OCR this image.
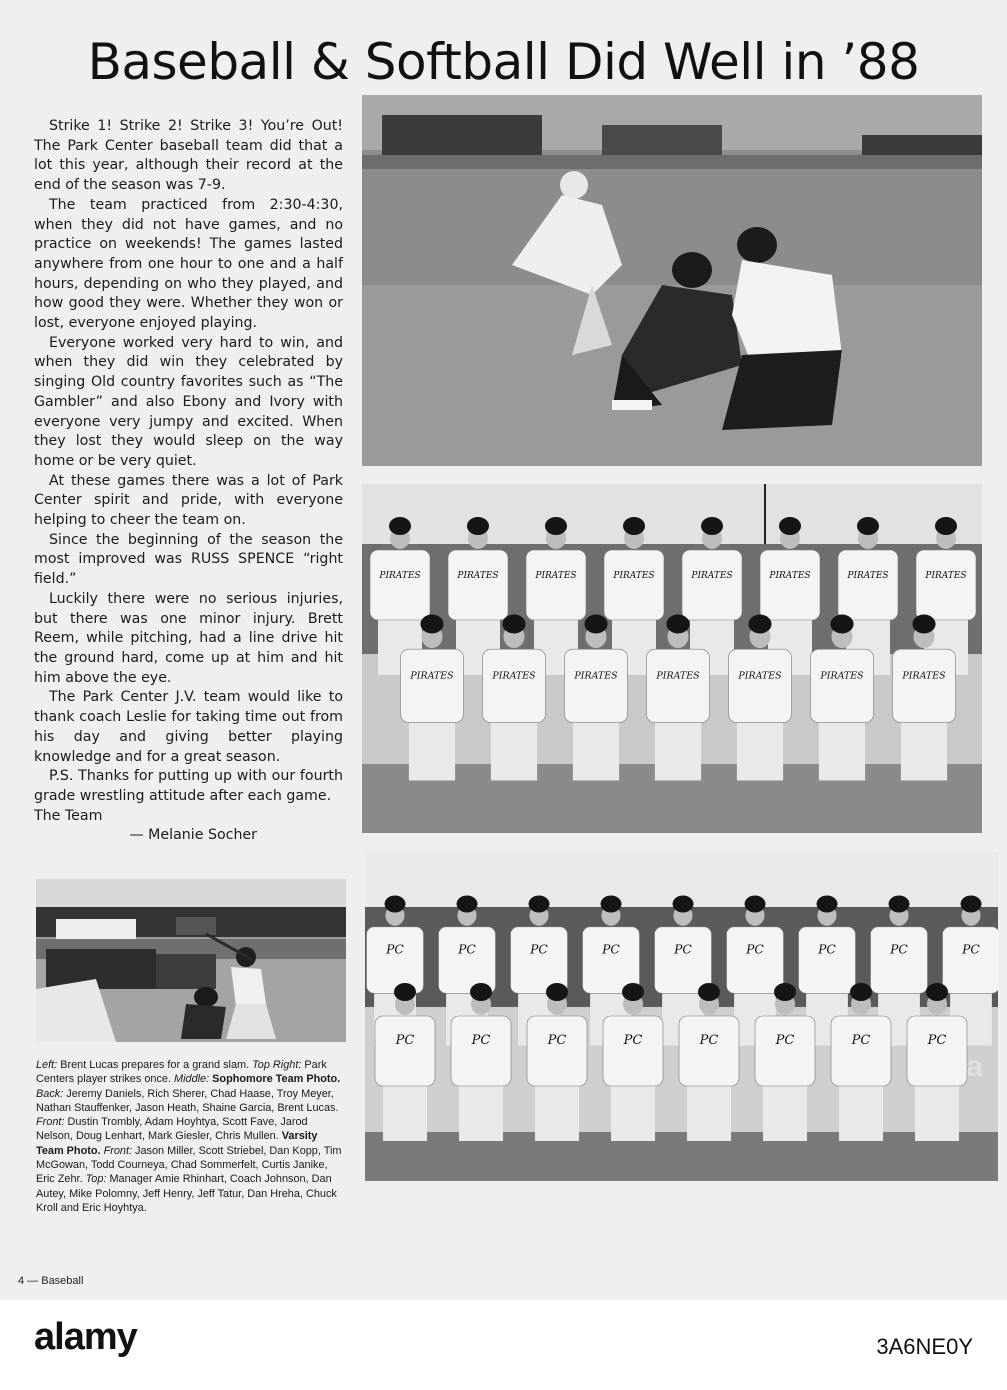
Baseball & Softball Did Well in ’88

Strike 1! Strike 2! Strike 3! You’re Out! The Park Center baseball team did that a lot this year, although their record at the end of the season was 7-9.

The team practiced from 2:30-4:30, when they did not have games, and no practice on weekends! The games lasted anywhere from one hour to one and a half hours, depending on who they played, and how good they were. Whether they won or lost, everyone enjoyed playing.

Everyone worked very hard to win, and when they did win they celebrated by singing Old country favorites such as “The Gambler” and also Ebony and Ivory with everyone very jumpy and excited. When they lost they would sleep on the way home or be very quiet.

At these games there was a lot of Park Center spirit and pride, with everyone helping to cheer the team on.

Since the beginning of the season the most improved was RUSS SPENCE “right field.”

Luckily there were no serious injuries, but there was one minor injury. Brett Reem, while pitching, had a line drive hit the ground hard, come up at him and hit him above the eye.

The Park Center J.V. team would like to thank coach Leslie for taking time out from his day and giving better playing knowledge and for a great season.

P.S. Thanks for putting up with our fourth grade wrestling attitude after each game.

The Team

— Melanie Socher

PIRATES	PIRATES	PIRATES	PIRATES	PIRATES	PIRATES	PIRATES	PIRATES
PIRATES	PIRATES	PIRATES	PIRATES	PIRATES	PIRATES	PIRATES
PC	PC	PC	PC	PC	PC	PC	PC	PC
PC	PC	PC	PC	PC	PC	PC	PC
Left: Brent Lucas prepares for a grand slam. Top Right: Park Centers player strikes once. Middle: Sophomore Team Photo. Back: Jeremy Daniels, Rich Sherer, Chad Haase, Troy Meyer, Nathan Stauffenker, Jason Heath, Shaine Garcia, Brent Lucas. Front: Dustin Trombly, Adam Hoyhtya, Scott Fave, Jarod Nelson, Doug Lenhart, Mark Giesler, Chris Mullen. Varsity Team Photo. Front: Jason Miller, Scott Striebel, Dan Kopp, Tim McGowan, Todd Courneya, Chad Sommerfelt, Curtis Janike, Eric Zehr. Top: Manager Amie Rhinhart, Coach Johnson, Dan Autey, Mike Polomny, Jeff Henry, Jeff Tatur, Dan Hreha, Chuck Kroll and Eric Hoyhtya.
4 — Baseball
alamy	3A6NE0Y
a
